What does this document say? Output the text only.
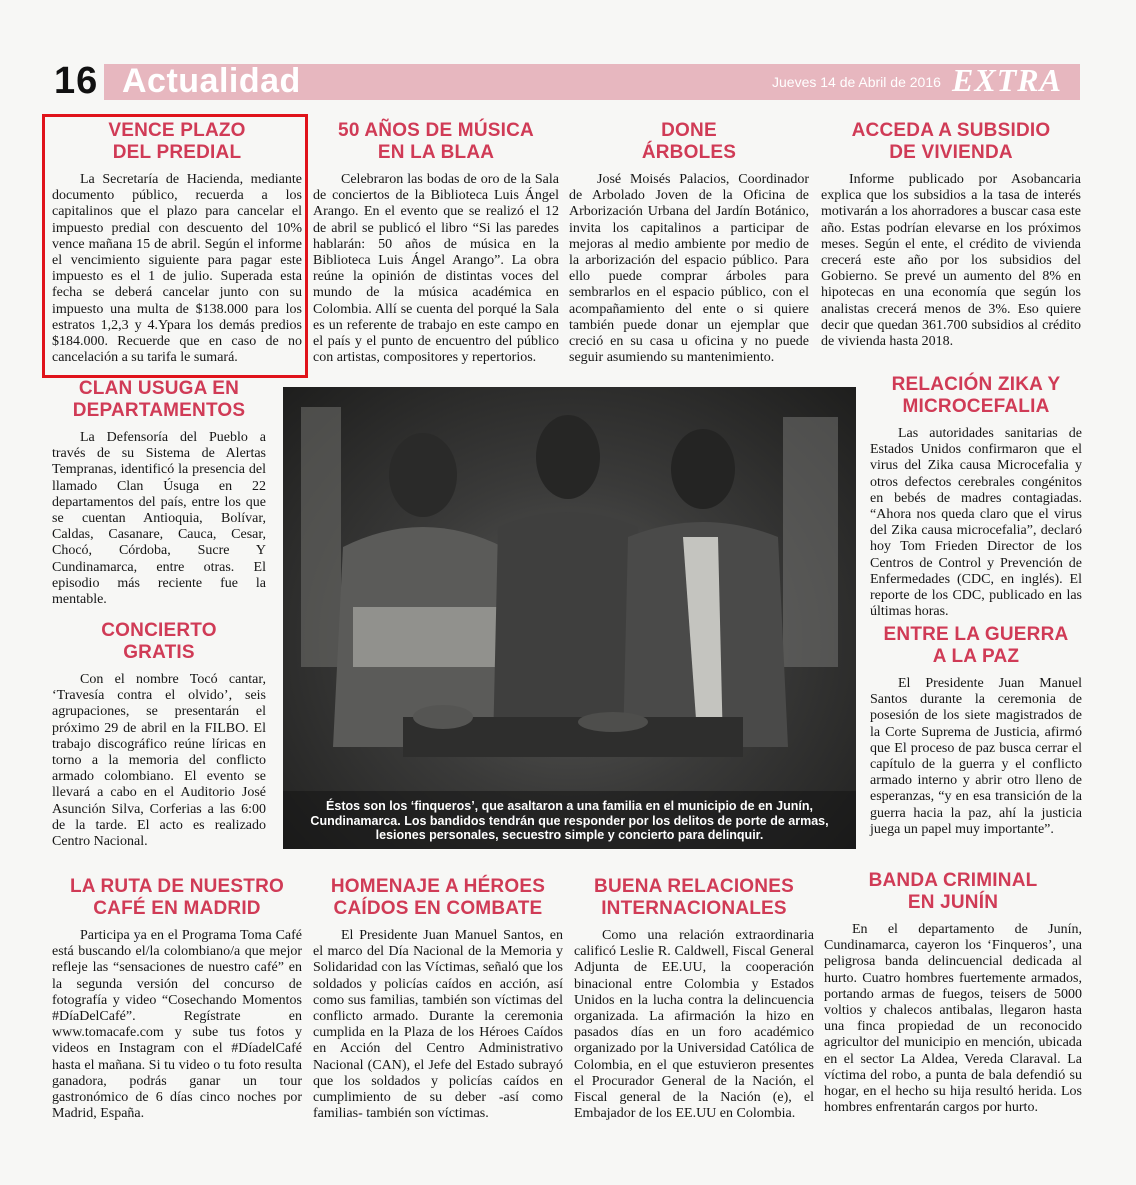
16 Actualidad	Jueves 14 de Abril de 2016 EXTRA
VENCE PLAZO
DEL PREDIAL
La Secretaría de Hacienda, mediante documento público, recuerda a los capitalinos que el plazo para cancelar el impuesto predial con descuento del 10% vence mañana 15 de abril. Según el informe el vencimiento siguiente para pagar este impuesto es el 1 de julio. Superada esta fecha se deberá cancelar junto con su impuesto una multa de $138.000 para los estratos 1,2,3 y 4.Ypara los demás predios $184.000. Recuerde que en caso de no cancelación a su tarifa le sumará.
50 AÑOS DE MÚSICA
EN LA BLAA
Celebraron las bodas de oro de la Sala de conciertos de la Biblioteca Luis Ángel Arango. En el evento que se realizó el 12 de abril se publicó el libro “Si las paredes hablarán: 50 años de música en la Biblioteca Luis Ángel Arango”. La obra reúne la opinión de distintas voces del mundo de la música académica en Colombia. Allí se cuenta del porqué la Sala es un referente de trabajo en este campo en el país y el punto de encuentro del público con artistas, compositores y repertorios.
DONE
ÁRBOLES
José Moisés Palacios, Coordinador de Arbolado Joven de la Oficina de Arborización Urbana del Jardín Botánico, invita los capitalinos a participar de mejoras al medio ambiente por medio de la arborización del espacio público. Para ello puede comprar árboles para sembrarlos en el espacio público, con el acompañamiento del ente o si quiere también puede donar un ejemplar que creció en su casa u oficina y no puede seguir asumiendo su mantenimiento.
ACCEDA A SUBSIDIO
DE VIVIENDA
Informe publicado por Asobancaria explica que los subsidios a la tasa de interés motivarán a los ahorradores a buscar casa este año. Estas podrían elevarse en los próximos meses. Según el ente, el crédito de vivienda crecerá este año por los subsidios del Gobierno. Se prevé un aumento del 8% en hipotecas en una economía que según los analistas crecerá menos de 3%. Eso quiere decir que quedan 361.700 subsidios al crédito de vivienda hasta 2018.
CLAN USUGA EN
DEPARTAMENTOS
La Defensoría del Pueblo a través de su Sistema de Alertas Tempranas, identificó la presencia del llamado Clan Úsuga en 22 departamentos del país, entre los que se cuentan Antioquia, Bolívar, Caldas, Casanare, Cauca, Cesar, Chocó, Córdoba, Sucre Y Cundinamarca, entre otras. El episodio más reciente fue la mentable.
CONCIERTO
GRATIS
Con el nombre Tocó cantar, ‘Travesía contra el olvido’, seis agrupaciones, se presentarán el próximo 29 de abril en la FILBO. El trabajo discográfico reúne líricas en torno a la memoria del conflicto armado colombiano. El evento se llevará a cabo en el Auditorio José Asunción Silva, Corferias a las 6:00 de la tarde. El acto es realizado Centro Nacional.
Éstos son los ‘finqueros’, que asaltaron a una familia en el municipio de en Junín, Cundinamarca. Los bandidos tendrán que responder por los delitos de porte de armas, lesiones personales, secuestro simple y concierto para delinquir.
RELACIÓN ZIKA Y
MICROCEFALIA
Las autoridades sanitarias de Estados Unidos confirmaron que el virus del Zika causa Microcefalia y otros defectos cerebrales congénitos en bebés de madres contagiadas. “Ahora nos queda claro que el virus del Zika causa microcefalia”, declaró hoy Tom Frieden Director de los Centros de Control y Prevención de Enfermedades (CDC, en inglés). El reporte de los CDC, publicado en las últimas horas.
ENTRE LA GUERRA
A LA PAZ
El Presidente Juan Manuel Santos durante la ceremonia de posesión de los siete magistrados de la Corte Suprema de Justicia, afirmó que El proceso de paz busca cerrar el capítulo de la guerra y el conflicto armado interno y abrir otro lleno de esperanzas, “y en esa transición de la guerra hacia la paz, ahí la justicia juega un papel muy importante”.
LA RUTA DE NUESTRO
CAFÉ EN MADRID
Participa ya en el Programa Toma Café está buscando el/la colombiano/a que mejor refleje las “sensaciones de nuestro café” en la segunda versión del concurso de fotografía y video “Cosechando Momentos #DíaDelCafé”. Regístrate en www.tomacafe.com y sube tus fotos y videos en Instagram con el #DíadelCafé hasta el mañana. Si tu video o tu foto resulta ganadora, podrás ganar un tour gastronómico de 6 días cinco noches por Madrid, España.
HOMENAJE A HÉROES
CAÍDOS EN COMBATE
El Presidente Juan Manuel Santos, en el marco del Día Nacional de la Memoria y Solidaridad con las Víctimas, señaló que los soldados y policías caídos en acción, así como sus familias, también son víctimas del conflicto armado. Durante la ceremonia cumplida en la Plaza de los Héroes Caídos en Acción del Centro Administrativo Nacional (CAN), el Jefe del Estado subrayó que los soldados y policías caídos en cumplimiento de su deber -así como familias- también son víctimas.
BUENA RELACIONES
INTERNACIONALES
Como una relación extraordinaria calificó Leslie R. Caldwell, Fiscal General Adjunta de EE.UU, la cooperación binacional entre Colombia y Estados Unidos en la lucha contra la delincuencia organizada. La afirmación la hizo en pasados días en un foro académico organizado por la Universidad Católica de Colombia, en el que estuvieron presentes el Procurador General de la Nación, el Fiscal general de la Nación (e), el Embajador de los EE.UU en Colombia.
BANDA CRIMINAL
EN JUNÍN
En el departamento de Junín, Cundinamarca, cayeron los ‘Finqueros’, una peligrosa banda delincuencial dedicada al hurto. Cuatro hombres fuertemente armados, portando armas de fuegos, teisers de 5000 voltios y chalecos antibalas, llegaron hasta una finca propiedad de un reconocido agricultor del municipio en mención, ubicada en el sector La Aldea, Vereda Claraval. La víctima del robo, a punta de bala defendió su hogar, en el hecho su hija resultó herida. Los hombres enfrentarán cargos por hurto.
